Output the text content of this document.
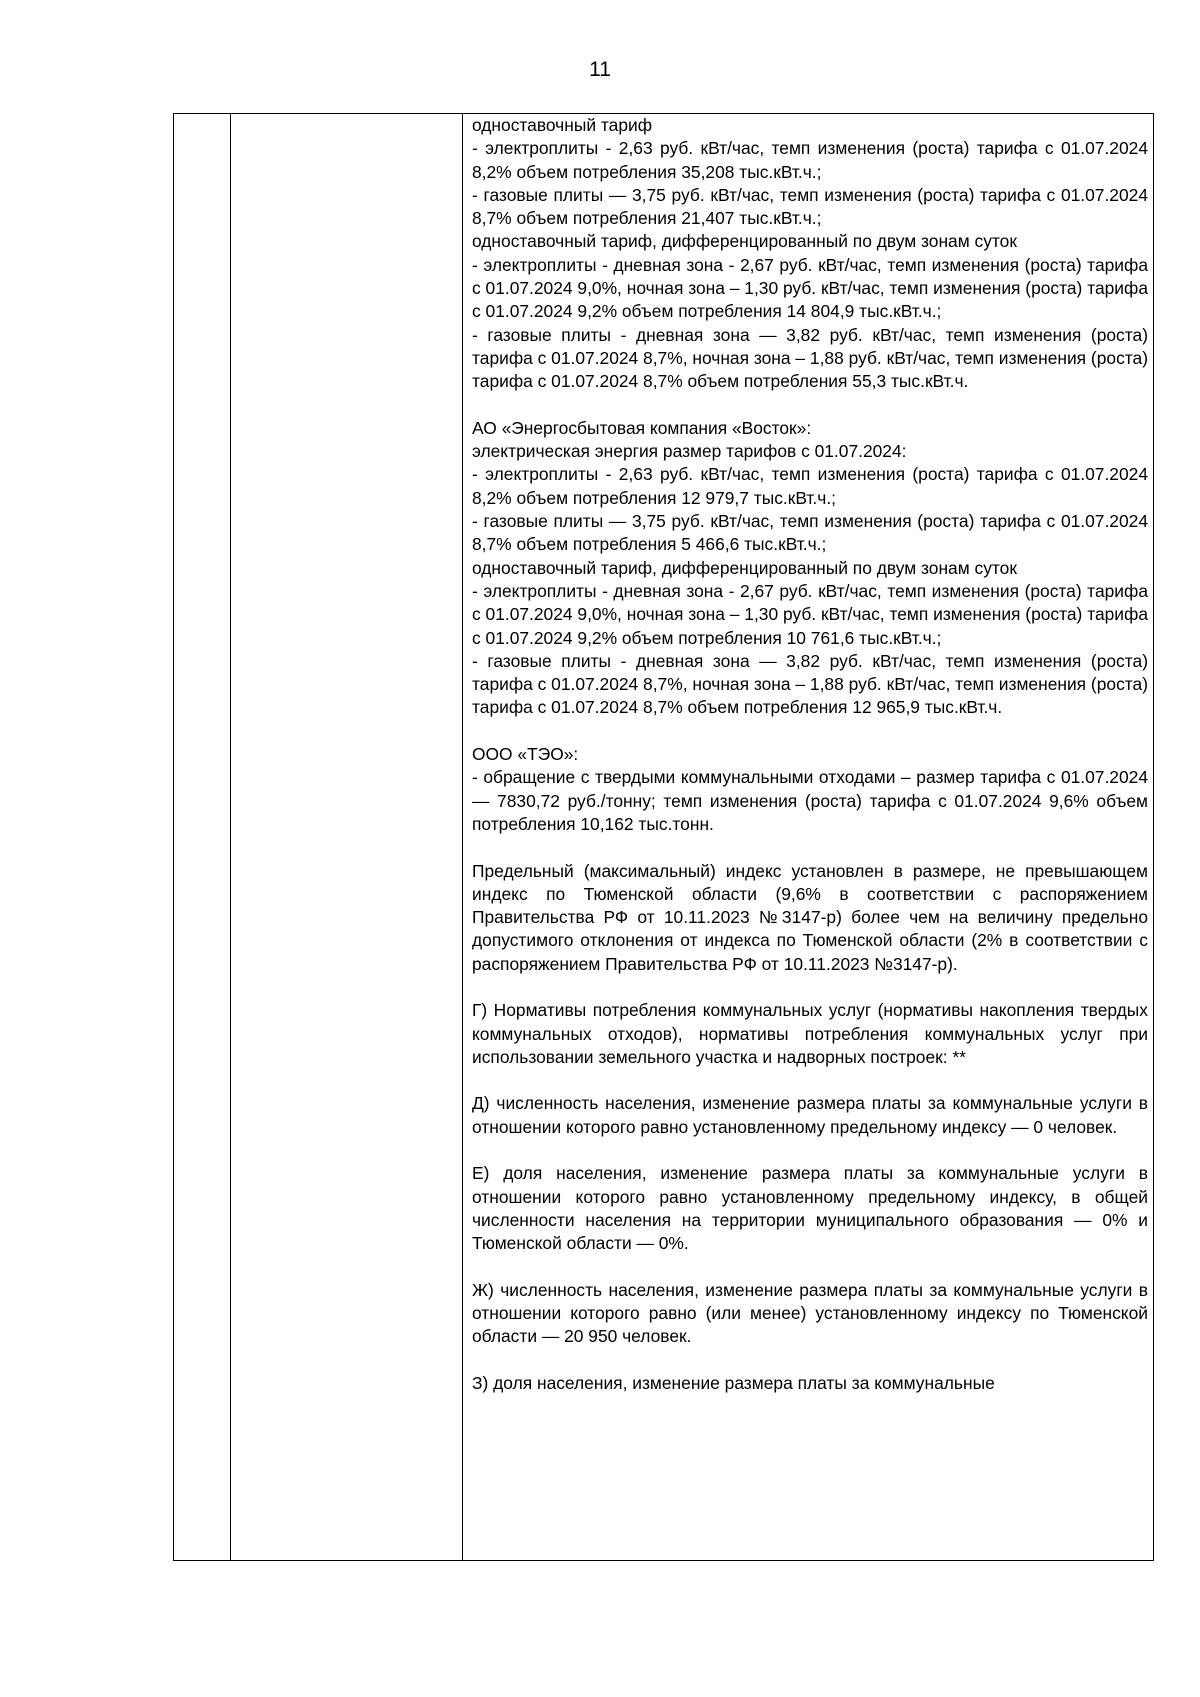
11

одноставочный тариф

- электроплиты - 2,63 руб. кВт/час, темп изменения (роста) тарифа с 01.07.2024 8,2% объем потребления 35,208 тыс.кВт.ч.;

- газовые плиты — 3,75 руб. кВт/час, темп изменения (роста) тарифа с 01.07.2024 8,7% объем потребления 21,407 тыс.кВт.ч.;

одноставочный тариф, дифференцированный по двум зонам суток

- электроплиты - дневная зона - 2,67 руб. кВт/час, темп изменения (роста) тарифа с 01.07.2024 9,0%, ночная зона – 1,30 руб. кВт/час, темп изменения (роста) тарифа с 01.07.2024 9,2% объем потребления 14 804,9 тыс.кВт.ч.;

- газовые плиты - дневная зона — 3,82 руб. кВт/час, темп изменения (роста) тарифа с 01.07.2024 8,7%, ночная зона – 1,88 руб. кВт/час, темп изменения (роста) тарифа с 01.07.2024 8,7% объем потребления 55,3 тыс.кВт.ч.

АО «Энергосбытовая компания «Восток»:

электрическая энергия размер тарифов с 01.07.2024:

- электроплиты - 2,63 руб. кВт/час, темп изменения (роста) тарифа с 01.07.2024 8,2% объем потребления 12 979,7 тыс.кВт.ч.;

- газовые плиты — 3,75 руб. кВт/час, темп изменения (роста) тарифа с 01.07.2024 8,7% объем потребления 5 466,6 тыс.кВт.ч.;

одноставочный тариф, дифференцированный по двум зонам суток

- электроплиты - дневная зона - 2,67 руб. кВт/час, темп изменения (роста) тарифа с 01.07.2024 9,0%, ночная зона – 1,30 руб. кВт/час, темп изменения (роста) тарифа с 01.07.2024 9,2% объем потребления 10 761,6 тыс.кВт.ч.;

- газовые плиты - дневная зона — 3,82 руб. кВт/час, темп изменения (роста) тарифа с 01.07.2024 8,7%, ночная зона – 1,88 руб. кВт/час, темп изменения (роста) тарифа с 01.07.2024 8,7% объем потребления 12 965,9 тыс.кВт.ч.

ООО «ТЭО»:

- обращение с твердыми коммунальными отходами – размер тарифа с 01.07.2024 — 7830,72 руб./тонну; темп изменения (роста) тарифа с 01.07.2024 9,6% объем потребления 10,162 тыс.тонн.

Предельный (максимальный) индекс установлен в размере, не превышающем индекс по Тюменской области (9,6% в соответствии с распоряжением Правительства РФ от 10.11.2023 №3147-р) более чем на величину предельно допустимого отклонения от индекса по Тюменской области (2% в соответствии с распоряжением Правительства РФ от 10.11.2023 №3147-р).

Г) Нормативы потребления коммунальных услуг (нормативы накопления твердых коммунальных отходов), нормативы потребления коммунальных услуг при использовании земельного участка и надворных построек: **

Д) численность населения, изменение размера платы за коммунальные услуги в отношении которого равно установленному предельному индексу — 0 человек.

Е) доля населения, изменение размера платы за коммунальные услуги в отношении которого равно установленному предельному индексу, в общей численности населения на территории муниципального образования — 0% и Тюменской области — 0%.

Ж) численность населения, изменение размера платы за коммунальные услуги в отношении которого равно (или менее) установленному индексу по Тюменской области — 20 950 человек.

З) доля населения, изменение размера платы за коммунальные
